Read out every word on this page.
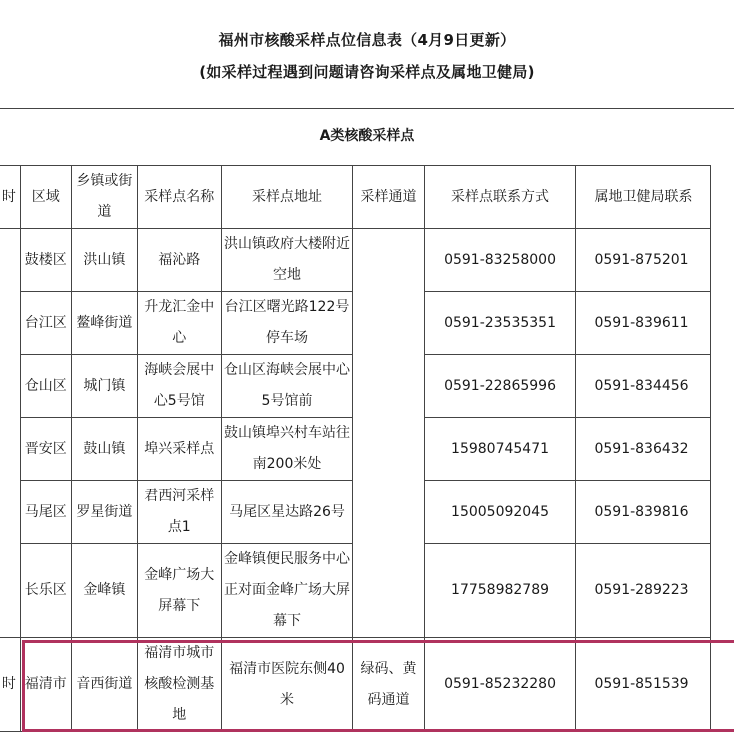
福州市核酸采样点位信息表（4月9日更新）
(如采样过程遇到问题请咨询采样点及属地卫健局)
A类核酸采样点
时	区域	乡镇或街道	采样点名称	采样点地址	采样通道	采样点联系方式	属地卫健局联系
	鼓楼区	洪山镇	福沁路	洪山镇政府大楼附近空地		0591-83258000	0591-875201
	台江区	鳌峰街道	升龙汇金中心	台江区曙光路122号停车场		0591-23535351	0591-839611
	仓山区	城门镇	海峡会展中心5号馆	仓山区海峡会展中心5号馆前		0591-22865996	0591-834456
	晋安区	鼓山镇	埠兴采样点	鼓山镇埠兴村车站往南200米处		15980745471	0591-836432
	马尾区	罗星街道	君西河采样点1	马尾区星达路26号		15005092045	0591-839816
	长乐区	金峰镇	金峰广场大屏幕下	金峰镇便民服务中心正对面金峰广场大屏幕下		17758982789	0591-289223
时	福清市	音西街道	福清市城市核酸检测基地	福清市医院东侧40米	绿码、黄码通道	0591-85232280	0591-851539
